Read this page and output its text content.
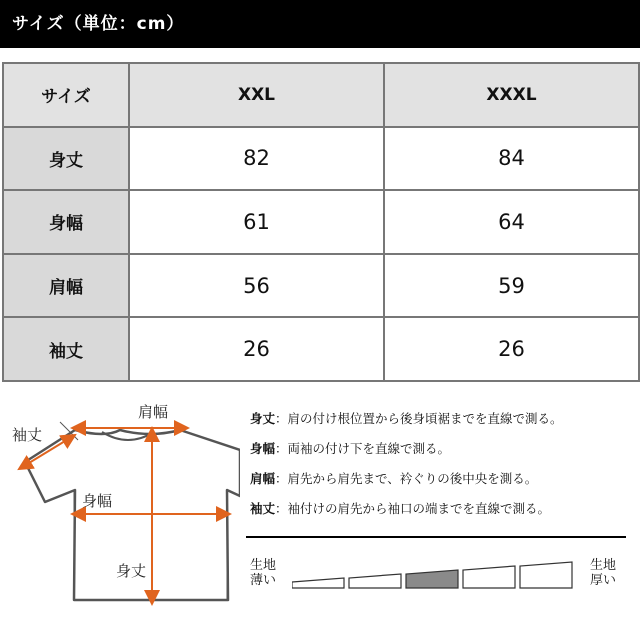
サイズ（単位：cm）
サイズ	XXL	XXXL
身丈	82	84
身幅	61	64
肩幅	56	59
袖丈	26	26
肩幅
袖丈
身幅
身丈
身丈：肩の付け根位置から後身頃裾までを直線で測る。
身幅：両袖の付け下を直線で測る。
肩幅：肩先から肩先まで、衿ぐりの後中央を測る。
袖丈：袖付けの肩先から袖口の端までを直線で測る。
生地
薄い
生地
厚い
